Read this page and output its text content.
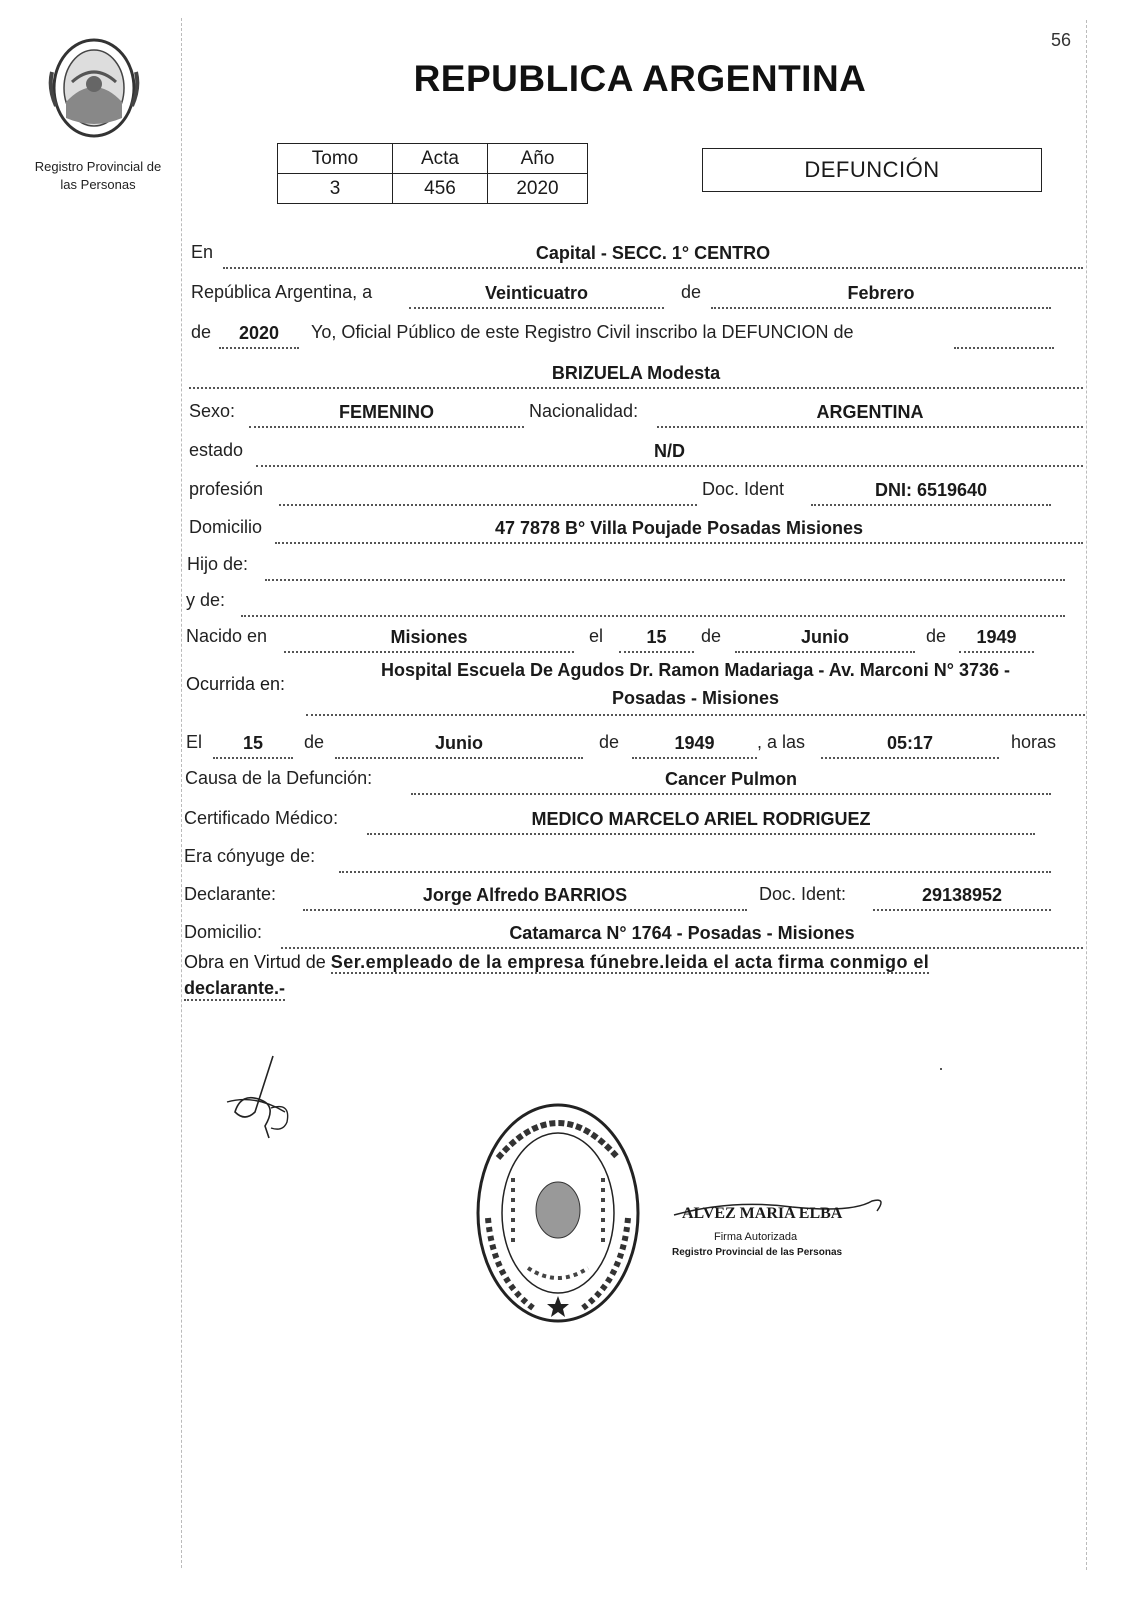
56
Registro Provincial de
las Personas
REPUBLICA ARGENTINA
Tomo	Acta	Año
3	456	2020
DEFUNCIÓN
En	Capital - SECC. 1° CENTRO
República Argentina, a	Veinticuatro	de	Febrero
de	2020	Yo, Oficial Público de este Registro Civil inscribo la DEFUNCION de
BRIZUELA Modesta
Sexo:	FEMENINO	Nacionalidad:	ARGENTINA
estado	N/D
profesión	Doc. Ident	DNI: 6519640
Domicilio	47 7878 B° Villa Poujade Posadas Misiones
Hijo de:
y de:
Nacido en	Misiones	el	15	de	Junio	de	1949
Ocurrida en:
Hospital Escuela De Agudos Dr. Ramon Madariaga - Av. Marconi N° 3736 -
Posadas - Misiones
El	15	de	Junio	de	1949	, a las	05:17	horas
Causa de la Defunción:	Cancer Pulmon
Certificado Médico:	MEDICO MARCELO ARIEL RODRIGUEZ
Era cónyuge de:
Declarante:	Jorge Alfredo BARRIOS	Doc. Ident:	29138952
Domicilio:	Catamarca N° 1764 - Posadas - Misiones
Obra en Virtud de Ser.empleado de la empresa fúnebre.leida el acta firma conmigo el
declarante.-
ALVEZ MARIA ELBA
Firma Autorizada
Registro Provincial de las Personas
